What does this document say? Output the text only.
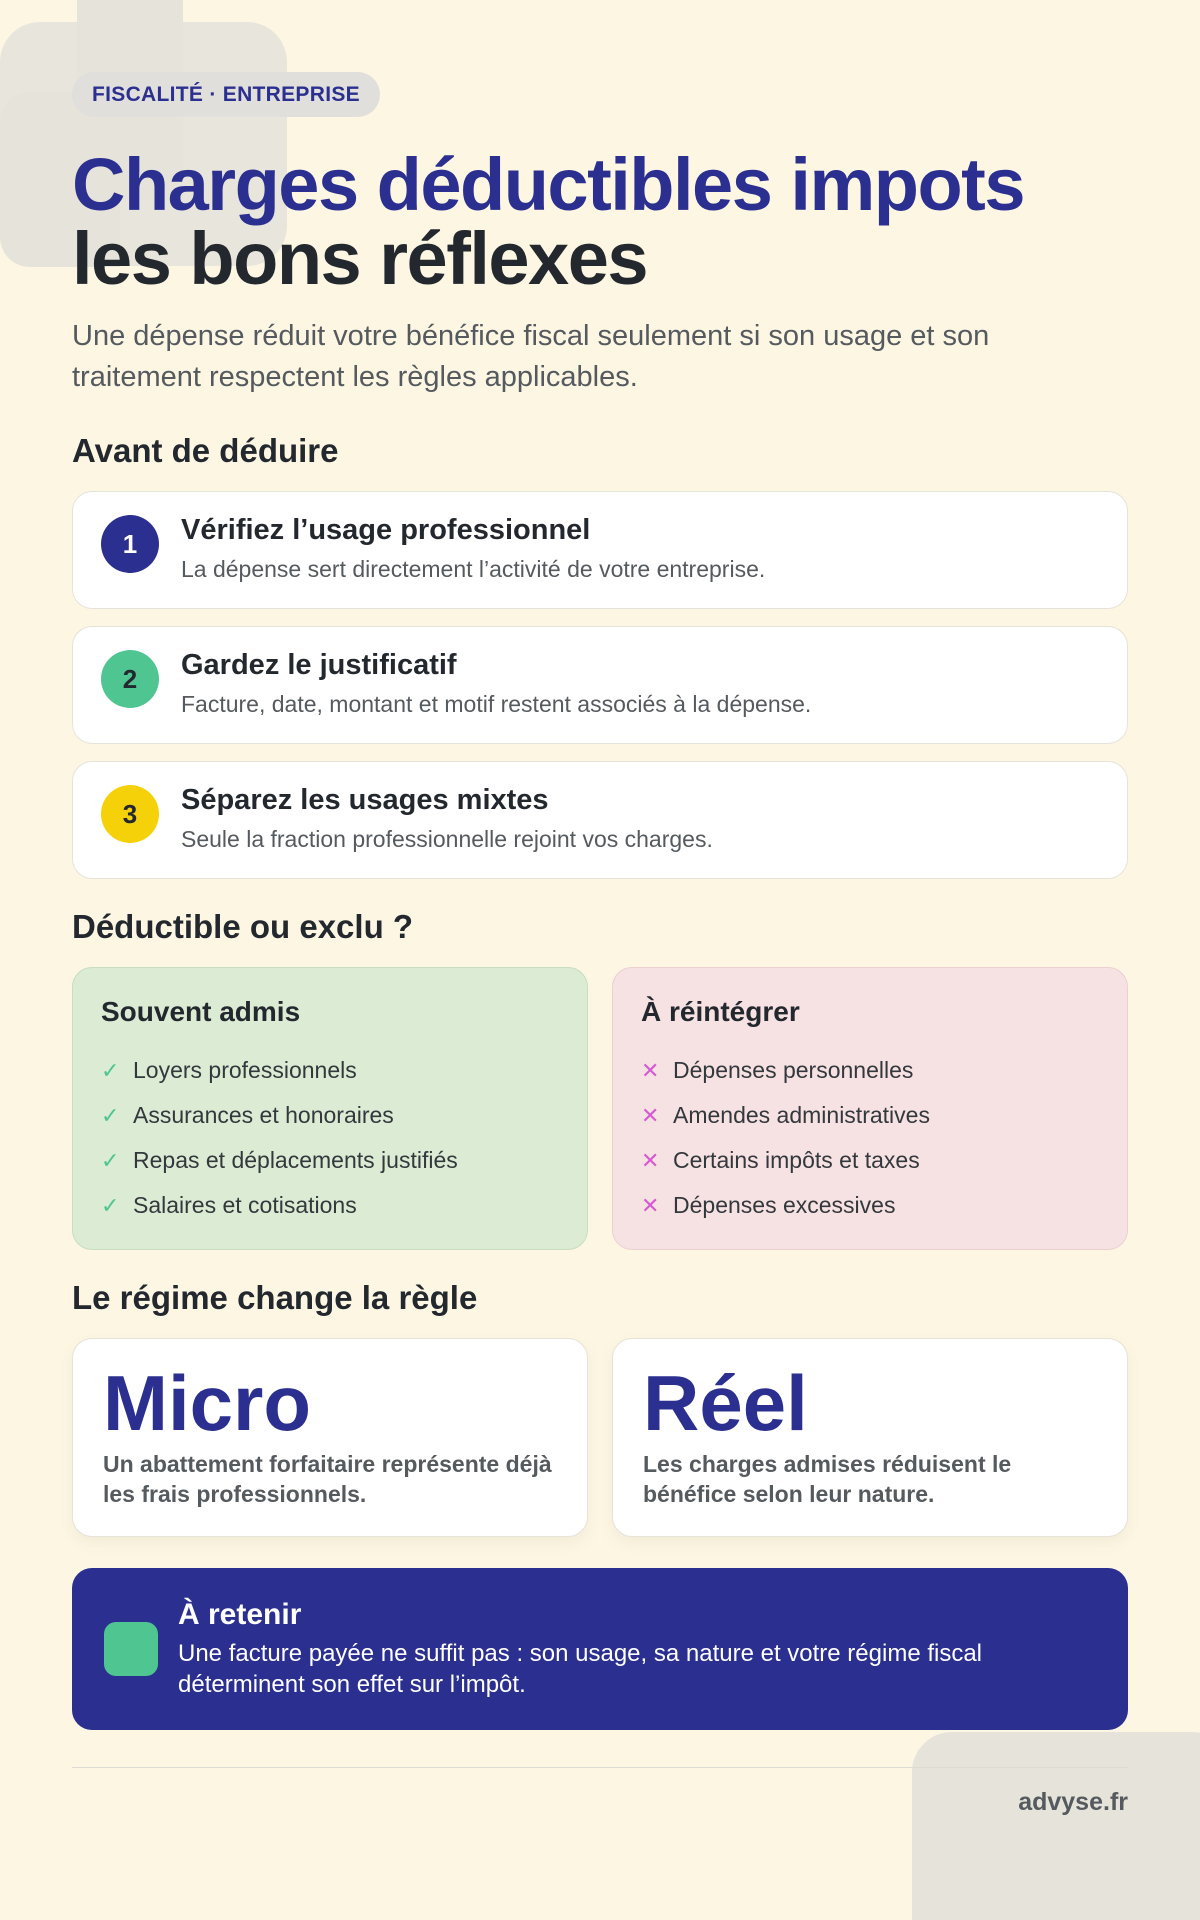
FISCALITÉ · ENTREPRISE
Charges déductibles impots
les bons réflexes

Une dépense réduit votre bénéfice fiscal seulement si son usage et son traitement respectent les règles applicables.

Avant de déduire
1	Vérifiez l’usage professionnel
La dépense sert directement l’activité de votre entreprise.
2	Gardez le justificatif
Facture, date, montant et motif restent associés à la dépense.
3	Séparez les usages mixtes
Seule la fraction professionnelle rejoint vos charges.
Déductible ou exclu ?
Souvent admis
✓ Loyers professionnels
✓ Assurances et honoraires
✓ Repas et déplacements justifiés
✓ Salaires et cotisations
À réintégrer
✕ Dépenses personnelles
✕ Amendes administratives
✕ Certains impôts et taxes
✕ Dépenses excessives
Le régime change la règle
Micro
Un abattement forfaitaire représente déjà les frais professionnels.
Réel
Les charges admises réduisent le bénéfice selon leur nature.
À retenir
Une facture payée ne suffit pas : son usage, sa nature et votre régime fiscal déterminent son effet sur l’impôt.
advyse.fr
